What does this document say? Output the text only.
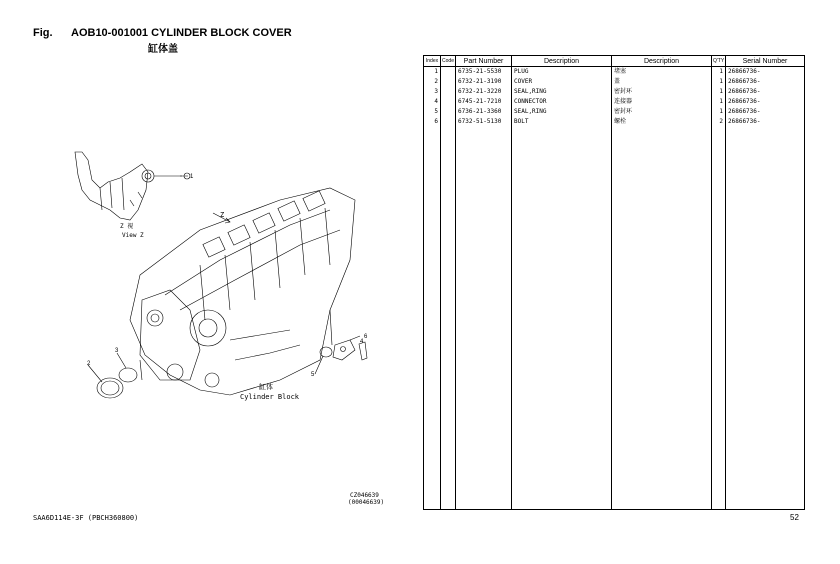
Fig. AOB10-001001 CYLINDER BLOCK COVER
缸体盖
1
2
3
4
5
6
Z 視
View Z
Z
缸体
Cylinder Block
CZ046639
(00046639)
Index	Code	Part Number	Description	Description	Q'TY	Serial Number
1		6735-21-5530	PLUG	堵塞	1	26866736-
2		6732-21-3190	COVER	盖	1	26866736-
3		6732-21-3220	SEAL,RING	密封环	1	26866736-
4		6745-21-7210	CONNECTOR	连接器	1	26866736-
5		6736-21-3360	SEAL,RING	密封环	1	26866736-
6		6732-51-5130	BOLT	螺栓	2	26866736-

SAA6D114E-3F (PBCH360800)	52
